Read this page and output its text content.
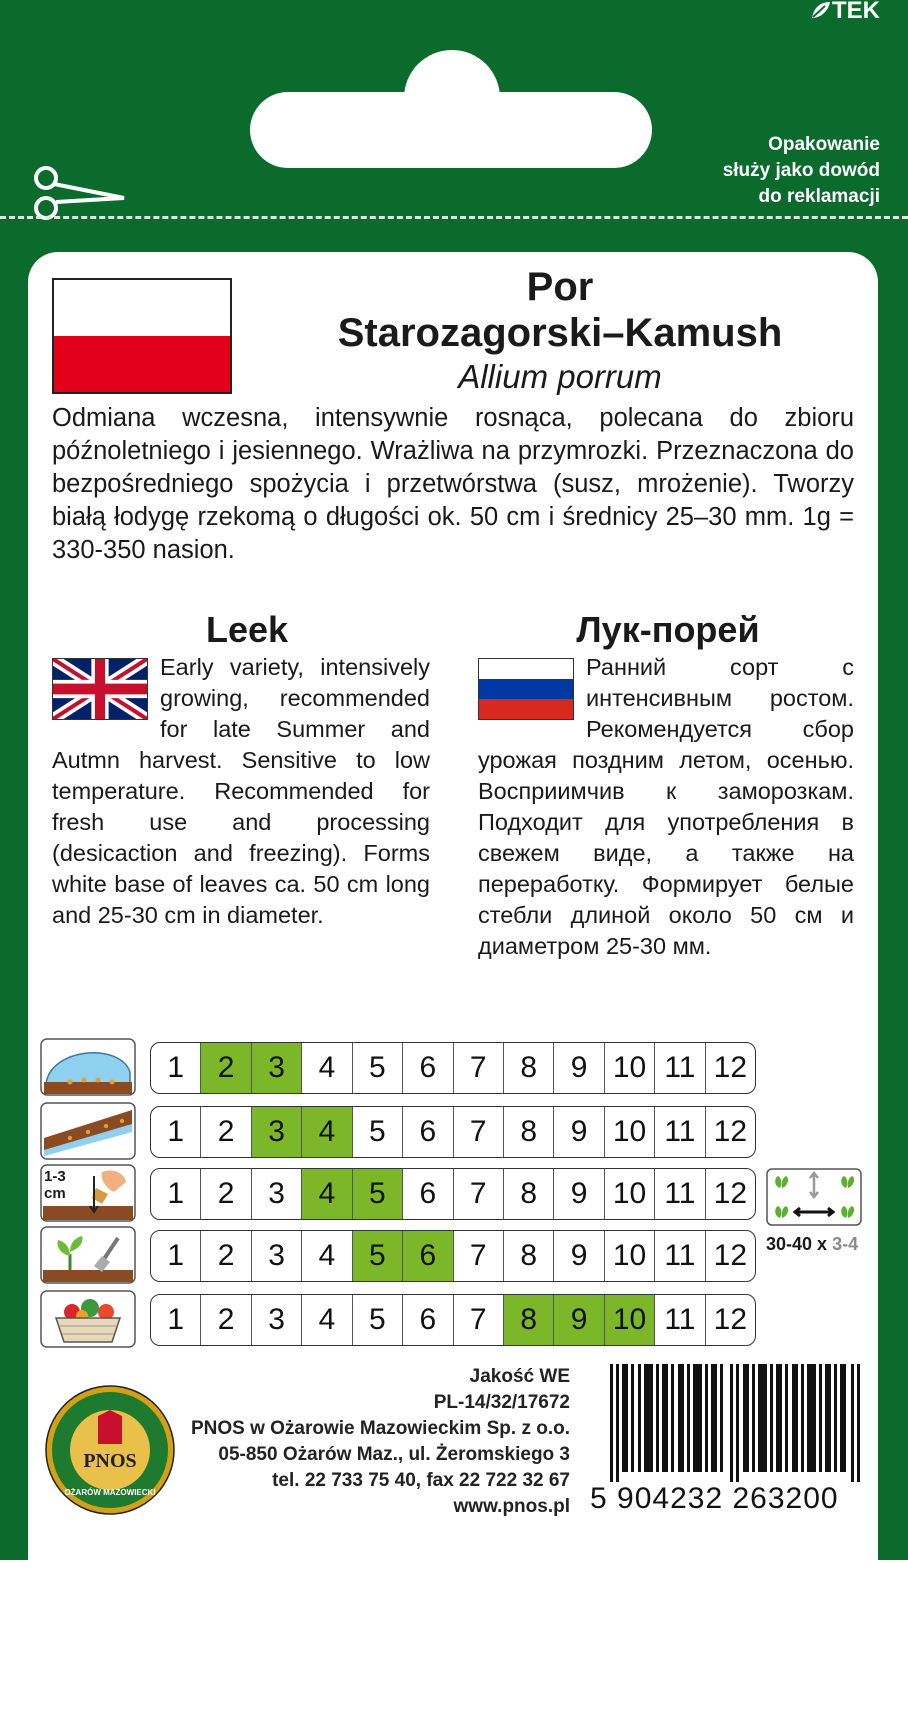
TEK
Opakowanie
służy jako dowód
do reklamacji
Por
Starozagorski–Kamush
Allium porrum
Odmiana wczesna, intensywnie rosnąca, polecana do zbioru późnoletniego i jesiennego. Wrażliwa na przymrozki. Przeznaczona do bezpośredniego spożycia i przetwórstwa (susz, mrożenie). Tworzy białą łodygę rzekomą o długości ok. 50 cm i średnicy 25–30 mm. 1g = 330-350 nasion.
Leek

Early variety, intensively growing, recommended for late Summer and Autmn harvest. Sensitive to low temperature. Recommended for fresh use and processing (desicaction and freezing). Forms white base of leaves ca. 50 cm long and 25-30 cm in diameter.

Лук-порей

Ранний сорт с интенсивным ростом. Рекомендуется сбор урожая поздним летом, осенью. Восприимчив к заморозкам. Подходит для употребления в свежем виде, а также на переработку. Формирует белые стебли длиной около 50 см и диаметром 25-30 мм.

1-3 cm
1	2	3	4	5	6	7	8	9 10 11 12
1	2	3	4	5	6	7	8	9 10 11 12
1	2	3	4	5	6	7	8	9 10 11 12
1	2	3	4	5	6	7	8	9 10 11 12
1	2	3	4	5	6	7	8	9 10 11 12
30-40 x 3-4
PNOS
OŻARÓW MAZOWIECKI
Jakość WE
PL-14/32/17672
PNOS w Ożarowie Mazowieckim Sp. z o.o.
05-850 Ożarów Maz., ul. Żeromskiego 3
tel. 22 733 75 40, fax 22 722 32 67
www.pnos.pl 5 904232 263200
